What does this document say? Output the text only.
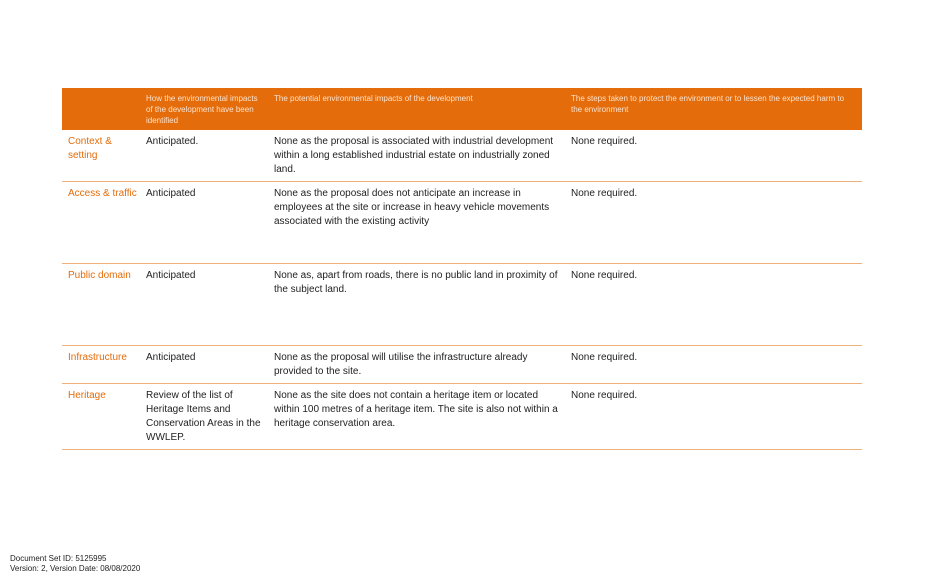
	How the environmental impacts of the development have been identified	The potential environmental impacts of the development	The steps taken to protect the environment or to lessen the expected harm to the environment
Context & setting	Anticipated.	None as the proposal is associated with industrial development within a long established industrial estate on industrially zoned land.	None required.
Access & traffic	Anticipated	None as the proposal does not anticipate an increase in employees at the site or increase in heavy vehicle movements associated with the existing activity	None required.
Public domain	Anticipated	None as, apart from roads, there is no public land in proximity of the subject land.	None required.
Infrastructure	Anticipated	None as the proposal will utilise the infrastructure already provided to the site.	None required.
Heritage	Review of the list of Heritage Items and Conservation Areas in the WWLEP.	None as the site does not contain a heritage item or located within 100 metres of a heritage item. The site is also not within a heritage conservation area.	None required.
Document Set ID: 5125995
Version: 2, Version Date: 08/08/2020
